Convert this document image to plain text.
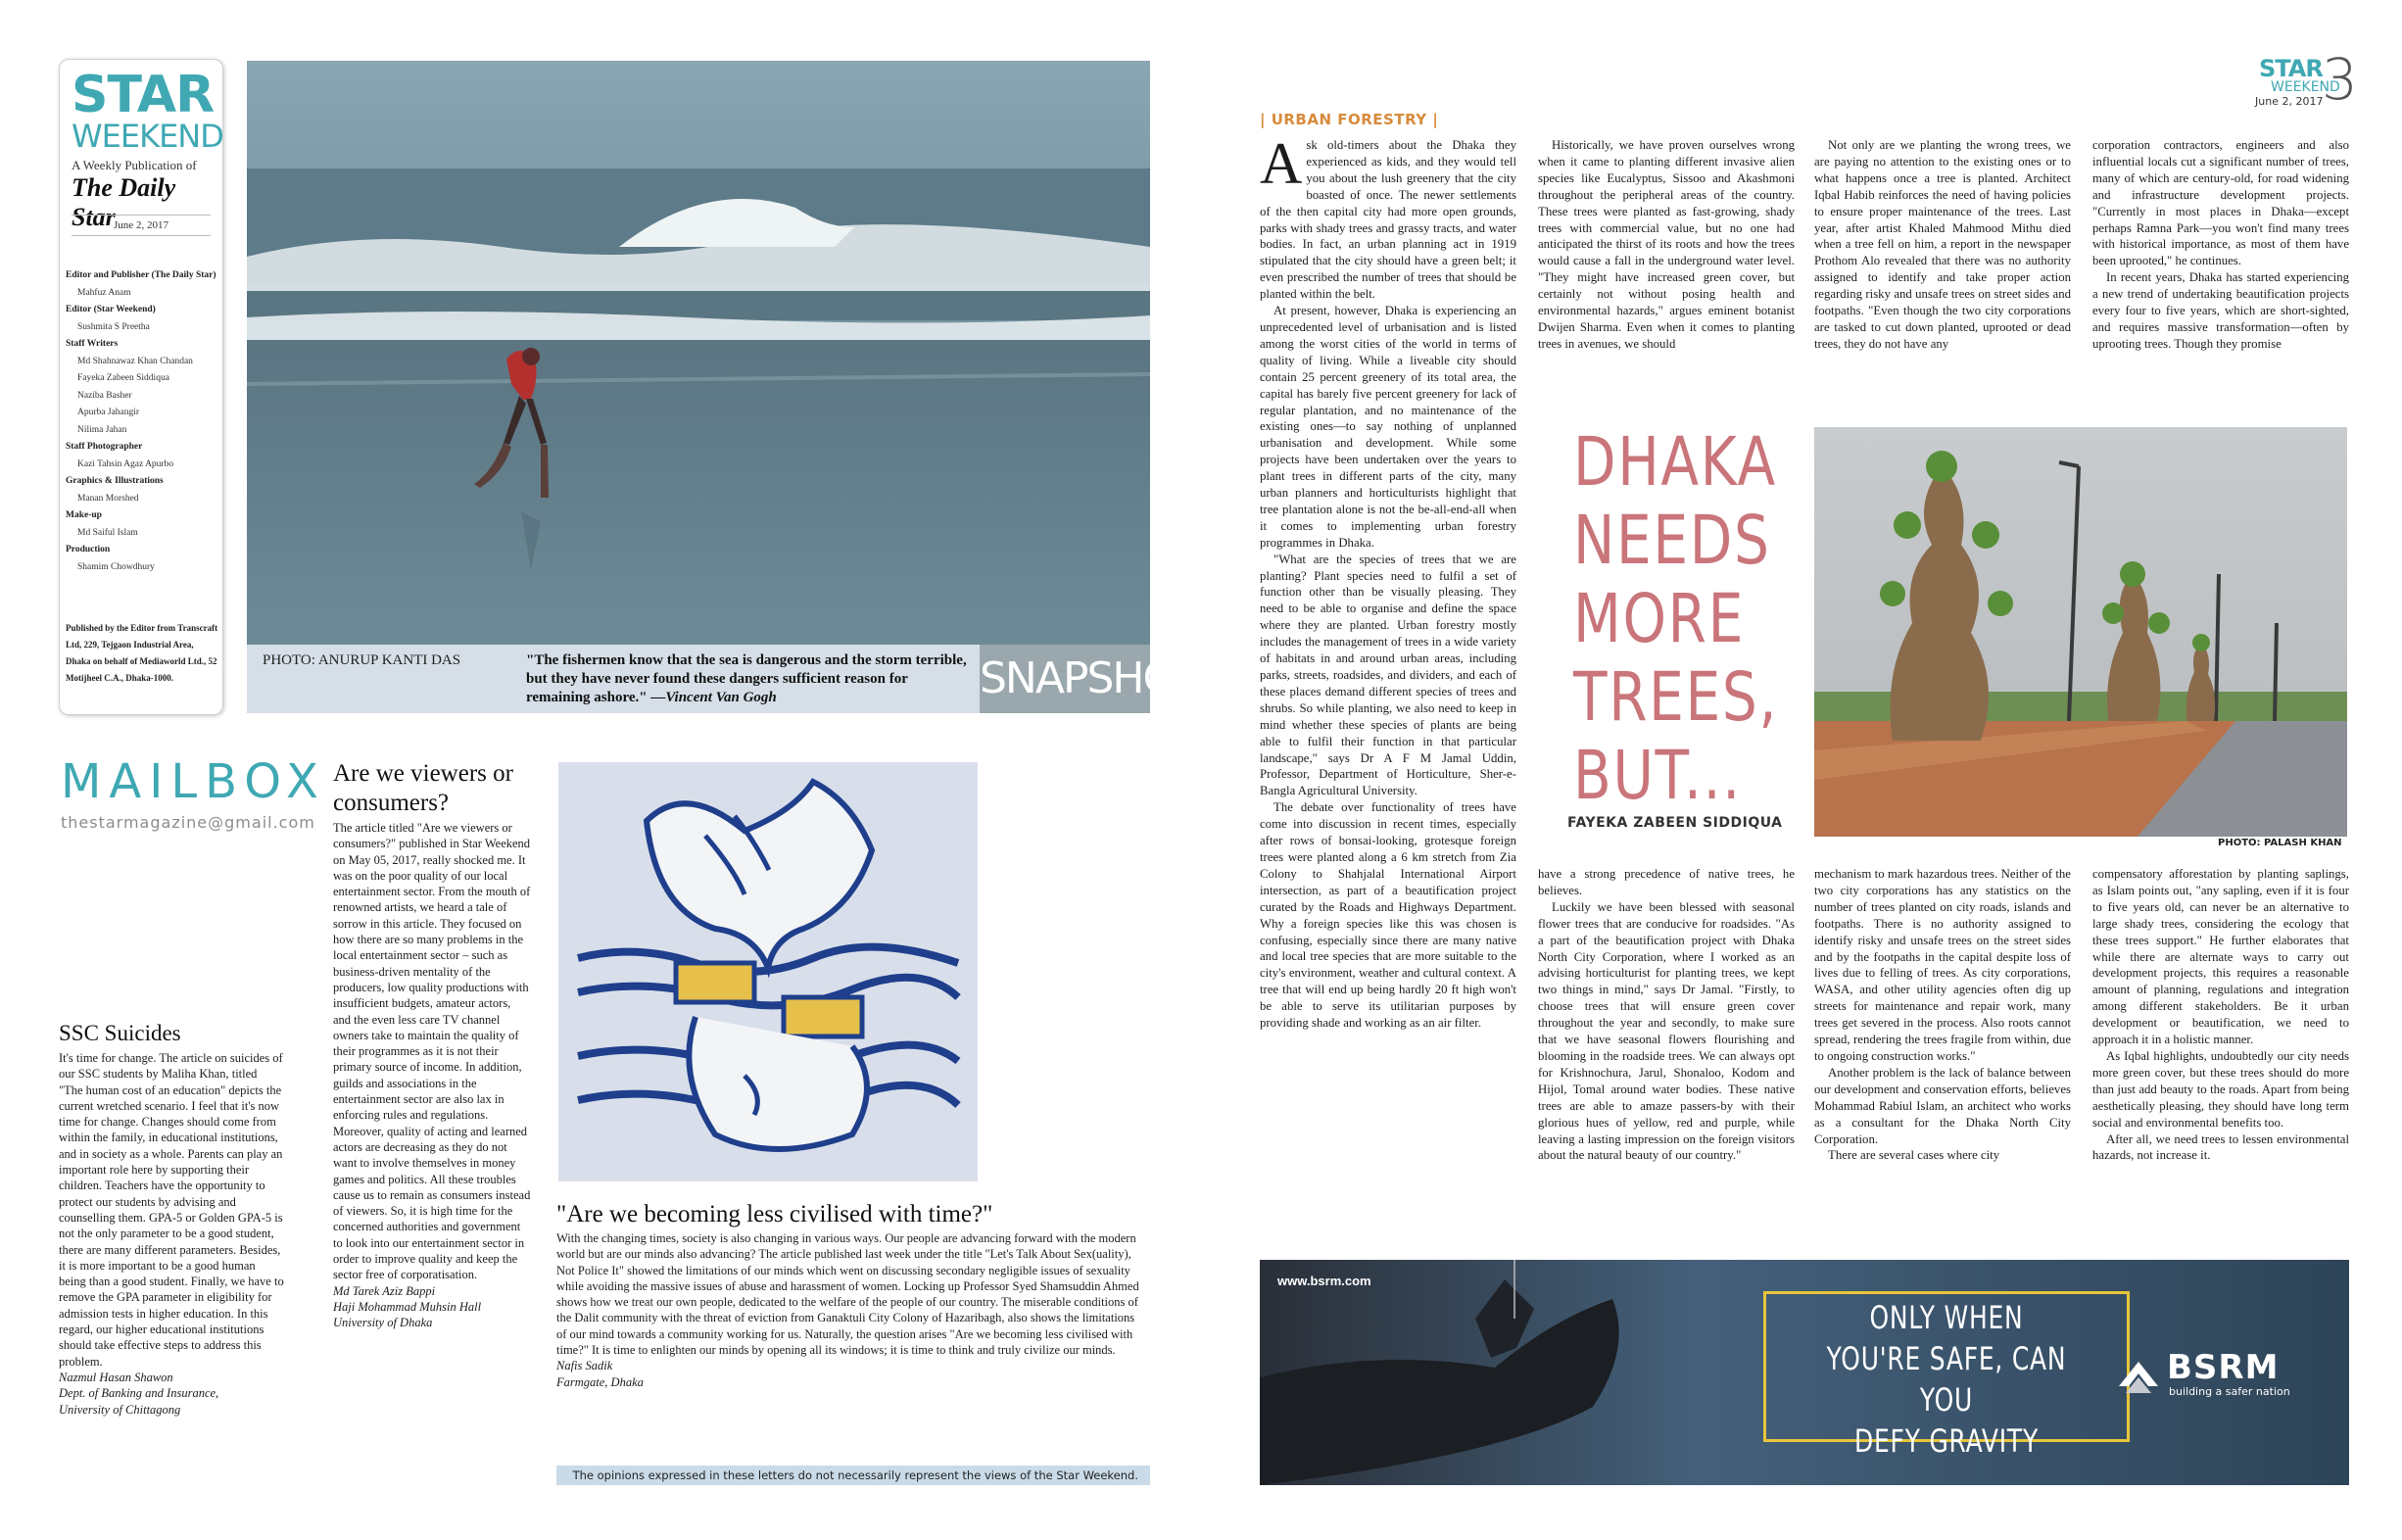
STAR
WEEKEND
A Weekly Publication of
The Daily Star
June 2, 2017
Editor and Publisher (The Daily Star)
Mahfuz Anam
Editor (Star Weekend)
Sushmita S Preetha
Staff Writers
Md Shahnawaz Khan Chandan
Fayeka Zabeen Siddiqua
Naziba Basher
Apurba Jahangir
Nilima Jahan
Staff Photographer
Kazi Tahsin Agaz Apurbo
Graphics & Illustrations
Manan Morshed
Make-up
Md Saiful Islam
Production
Shamim Chowdhury
Published by the Editor from Transcraft Ltd, 229, Tejgaon Industrial Area, Dhaka on behalf of Mediaworld Ltd., 52 Motijheel C.A., Dhaka-1000.
PHOTO: ANURUP KANTI DAS	"The fishermen know that the sea is dangerous and the storm terrible, but they have never found these dangers sufficient reason for remaining ashore." —Vincent Van Gogh	SNAPSHOT
MAILBOX
thestarmagazine@gmail.com
SSC Suicides
It's time for change. The article on suicides of our SSC students by Maliha Khan, titled "The human cost of an education" depicts the current wretched scenario. I feel that it's now time for change. Changes should come from within the family, in educational institutions, and in society as a whole. Parents can play an important role here by supporting their children. Teachers have the opportunity to protect our students by advising and counselling them. GPA-5 or Golden GPA-5 is not the only parameter to be a good student, there are many different parameters. Besides, it is more important to be a good human being than a good student. Finally, we have to remove the GPA parameter in eligibility for admission tests in higher education. In this regard, our higher educational institutions should take effective steps to address this problem.
Nazmul Hasan Shawon
Dept. of Banking and Insurance,
University of Chittagong
Are we viewers or consumers?
The article titled "Are we viewers or consumers?" published in Star Weekend on May 05, 2017, really shocked me. It was on the poor quality of our local entertainment sector. From the mouth of renowned artists, we heard a tale of sorrow in this article. They focused on how there are so many problems in the local entertainment sector – such as business-driven mentality of the producers, low quality productions with insufficient budgets, amateur actors, and the even less care TV channel owners take to maintain the quality of their programmes as it is not their primary source of income. In addition, guilds and associations in the entertainment sector are also lax in enforcing rules and regulations. Moreover, quality of acting and learned actors are decreasing as they do not want to involve themselves in money games and politics. All these troubles cause us to remain as consumers instead of viewers. So, it is high time for the concerned authorities and government to look into our entertainment sector in order to improve quality and keep the sector free of corporatisation.
Md Tarek Aziz Bappi
Haji Mohammad Muhsin Hall
University of Dhaka
"Are we becoming less civilised with time?"
With the changing times, society is also changing in various ways. Our people are advancing forward with the modern world but are our minds also advancing? The article published last week under the title "Let's Talk About Sex(uality), Not Police It" showed the limitations of our minds which went on discussing secondary negligible issues of sexuality while avoiding the massive issues of abuse and harassment of women. Locking up Professor Syed Shamsuddin Ahmed shows how we treat our own people, dedicated to the welfare of the people of our country. The miserable conditions of the Dalit community with the threat of eviction from Ganaktuli City Colony of Hazaribagh, also shows the limitations of our mind towards a community working for us. Naturally, the question arises "Are we becoming less civilised with time?" It is time to enlighten our minds by opening all its windows; it is time to think and truly civilize our minds.
Nafis Sadik
Farmgate, Dhaka
The opinions expressed in these letters do not necessarily represent the views of the Star Weekend.
STAR
WEEKEND
June 2, 2017
3
| URBAN FORESTRY |

Ask old-timers about the Dhaka they experienced as kids, and they would tell you about the lush greenery that the city boasted of once. The newer settlements of the then capital city had more open grounds, parks with shady trees and grassy tracts, and water bodies. In fact, an urban planning act in 1919 stipulated that the city should have a green belt; it even prescribed the number of trees that should be planted within the belt.

At present, however, Dhaka is experiencing an unprecedented level of urbanisation and is listed among the worst cities of the world in terms of quality of living. While a liveable city should contain 25 percent greenery of its total area, the capital has barely five percent greenery for lack of regular plantation, and no maintenance of the existing ones—to say nothing of unplanned urbanisation and development. While some projects have been undertaken over the years to plant trees in different parts of the city, many urban planners and horticulturists highlight that tree plantation alone is not the be-all-end-all when it comes to implementing urban forestry programmes in Dhaka.

"What are the species of trees that we are planting? Plant species need to fulfil a set of function other than be visually pleasing. They need to be able to organise and define the space where they are planted. Urban forestry mostly includes the management of trees in a wide variety of habitats in and around urban areas, including parks, streets, roadsides, and dividers, and each of these places demand different species of trees and shrubs. So while planting, we also need to keep in mind whether these species of plants are being able to fulfil their function in that particular landscape," says Dr A F M Jamal Uddin, Professor, Department of Horticulture, Sher-e-Bangla Agricultural University.

The debate over functionality of trees have come into discussion in recent times, especially after rows of bonsai-looking, grotesque foreign trees were planted along a 6 km stretch from Zia Colony to Shahjalal International Airport intersection, as part of a beautification project curated by the Roads and Highways Department. Why a foreign species like this was chosen is confusing, especially since there are many native and local tree species that are more suitable to the city's environment, weather and cultural context. A tree that will end up being hardly 20 ft high won't be able to serve its utilitarian purposes by providing shade and working as an air filter.

Historically, we have proven ourselves wrong when it came to planting different invasive alien species like Eucalyptus, Sissoo and Akashmoni throughout the peripheral areas of the country. These trees were planted as fast-growing, shady trees with commercial value, but no one had anticipated the thirst of its roots and how the trees would cause a fall in the underground water level. "They might have increased green cover, but certainly not without posing health and environmental hazards," argues eminent botanist Dwijen Sharma. Even when it comes to planting trees in avenues, we should

Not only are we planting the wrong trees, we are paying no attention to the existing ones or to what happens once a tree is planted. Architect Iqbal Habib reinforces the need of having policies to ensure proper maintenance of the trees. Last year, after artist Khaled Mahmood Mithu died when a tree fell on him, a report in the newspaper Prothom Alo revealed that there was no authority assigned to identify and take proper action regarding risky and unsafe trees on street sides and footpaths. "Even though the two city corporations are tasked to cut down planted, uprooted or dead trees, they do not have any

corporation contractors, engineers and also influential locals cut a significant number of trees, many of which are century-old, for road widening and infrastructure development projects. "Currently in most places in Dhaka—except perhaps Ramna Park—you won't find many trees with historical importance, as most of them have been uprooted," he continues.

In recent years, Dhaka has started experiencing a new trend of undertaking beautification projects every four to five years, which are short-sighted, and requires massive transformation—often by uprooting trees. Though they promise

DHAKA
NEEDS
MORE
TREES,
BUT...
FAYEKA ZABEEN SIDDIQUA
PHOTO: PALASH KHAN

have a strong precedence of native trees, he believes.

Luckily we have been blessed with seasonal flower trees that are conducive for roadsides. "As a part of the beautification project with Dhaka North City Corporation, where I worked as an advising horticulturist for planting trees, we kept two things in mind," says Dr Jamal. "Firstly, to choose trees that will ensure green cover throughout the year and secondly, to make sure that we have seasonal flowers flourishing and blooming in the roadside trees. We can always opt for Krishnochura, Jarul, Shonaloo, Kodom and Hijol, Tomal around water bodies. These native trees are able to amaze passers-by with their glorious hues of yellow, red and purple, while leaving a lasting impression on the foreign visitors about the natural beauty of our country."

mechanism to mark hazardous trees. Neither of the two city corporations has any statistics on the number of trees planted on city roads, islands and footpaths. There is no authority assigned to identify risky and unsafe trees on the street sides and by the footpaths in the capital despite loss of lives due to felling of trees. As city corporations, WASA, and other utility agencies often dig up streets for maintenance and repair work, many trees get severed in the process. Also roots cannot spread, rendering the trees fragile from within, due to ongoing construction works."

Another problem is the lack of balance between our development and conservation efforts, believes Mohammad Rabiul Islam, an architect who works as a consultant for the Dhaka North City Corporation.

There are several cases where city

compensatory afforestation by planting saplings, as Islam points out, "any sapling, even if it is four to five years old, can never be an alternative to large shady trees, considering the ecology that these trees support." He further elaborates that while there are alternate ways to carry out development projects, this requires a reasonable amount of planning, regulations and integration among different stakeholders. Be it urban development or beautification, we need to approach it in a holistic manner.

As Iqbal highlights, undoubtedly our city needs more green cover, but these trees should do more than just add beauty to the roads. Apart from being aesthetically pleasing, they should have long term social and environmental benefits too.

After all, we need trees to lessen environmental hazards, not increase it.

www.bsrm.com
ONLY WHEN
YOU'RE SAFE, CAN YOU
DEFY GRAVITY
BSRM
building a safer nation
